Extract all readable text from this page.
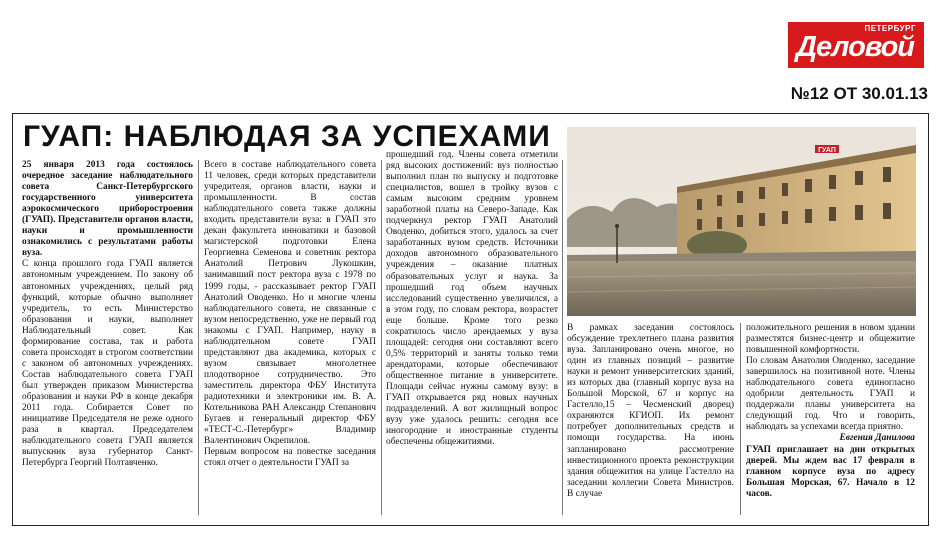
ПЕТЕРБУРГ
Деловой
№12 ОТ 30.01.13
ГУАП: НАБЛЮДАЯ ЗА УСПЕХАМИ

25 января 2013 года состоялось очередное заседание наблюдательного совета Санкт-Петербургского государственного университета аэрокосмического приборостроения (ГУАП). Представители органов власти, науки и промышленности ознакомились с результатами работы вуза.

С конца прошлого года ГУАП является автономным учреждением. По закону об автономных учреждениях, целый ряд функций, которые обычно выполняет учредитель, то есть Министерство образования и науки, выполняет Наблюдательный совет. Как формирование состава, так и работа совета происходят в строгом соответствии с законом об автономных учреждениях. Состав наблюдательного совета ГУАП был утвержден приказом Министерства образования и науки РФ в конце декабря 2011 года. Собирается Совет по инициативе Председателя не реже одного раза в квартал. Председателем наблюдательного совета ГУАП является выпускник вуза губернатор Санкт-Петербурга Георгий Полтавченко.

Всего в составе наблюдательного совета 11 человек, среди которых представители учредителя, органов власти, науки и промышленности. В состав наблюдательного совета также должны входить представители вуза: в ГУАП это декан факультета инноватики и базовой магистерской подготовки Елена Георгиевна Семенова и советник ректора Анатолий Петрович Лукошкин, занимавший пост ректора вуза с 1978 по 1999 годы, - рассказывает ректор ГУАП Анатолий Оводенко. Но и многие члены наблюдательного совета, не связанные с вузом непосредственно, уже не первый год знакомы с ГУАП. Например, науку в наблюдательном совете ГУАП представляют два академика, которых с вузом связывает многолетнее плодотворное сотрудничество. Это заместитель директора ФБУ Института радиотехники и электроники им. В. А. Котельникова РАН Александр Степанович Бугаев и генеральный директор ФБУ «ТЕСТ-С.-Петербург» Владимир Валентинович Окрепилов.

Первым вопросом на повестке заседания стоял отчет о деятельности ГУАП за

прошедший год. Члены совета отметили ряд высоких достижений: вуз полностью выполнил план по выпуску и подготовке специалистов, вошел в тройку вузов с самым высоким средним уровнем заработной платы на Северо-Западе. Как подчеркнул ректор ГУАП Анатолий Оводенко, добиться этого, удалось за счет заработанных вузом средств. Источники доходов автономного образовательного учреждения – оказание платных образовательных услуг и наука. За прошедший год объем научных исследований существенно увеличился, а в этом году, по словам ректора, возрастет еще больше. Кроме того резко сократилось число арендаемых у вуза площадей: сегодня они составляют всего 0,5% территорий и заняты только теми арендаторами, которые обеспечивают общественное питание в университете. Площади сейчас нужны самому вузу: в ГУАП открывается ряд новых научных подразделений. А вот жилищный вопрос вузу уже удалось решить: сегодня все иногородние и иностранные студенты обеспечены общежитиями.

ГУАП

В рамках заседания состоялось обсуждение трехлетнего плана развития вуза. Запланировано очень многое, но один из главных позиций – развитие науки и ремонт университетских зданий, из которых два (главный корпус вуза на Большой Морской, 67 и корпус на Гастелло,15 – Чесменский дворец) охраняются КГИОП. Их ремонт потребует дополнительных средств и помощи государства. На июнь запланировано рассмотрение инвестиционного проекта реконструкции здания общежития на улице Гастелло на заседании коллегии Совета Министров. В случае

положительного решения в новом здании разместятся бизнес-центр и общежитие повышенной комфортности.

По словам Анатолия Оводенко, заседание завершилось на позитивной ноте. Члены наблюдательного совета единогласно одобрили деятельность ГУАП и поддержали планы университета на следующий год. Что и говорить, наблюдать за успехами всегда приятно.

Евгения Данилова

ГУАП приглашает на дни открытых дверей. Мы ждем вас 17 февраля в главном корпусе вуза по адресу Большая Морская, 67. Начало в 12 часов.
